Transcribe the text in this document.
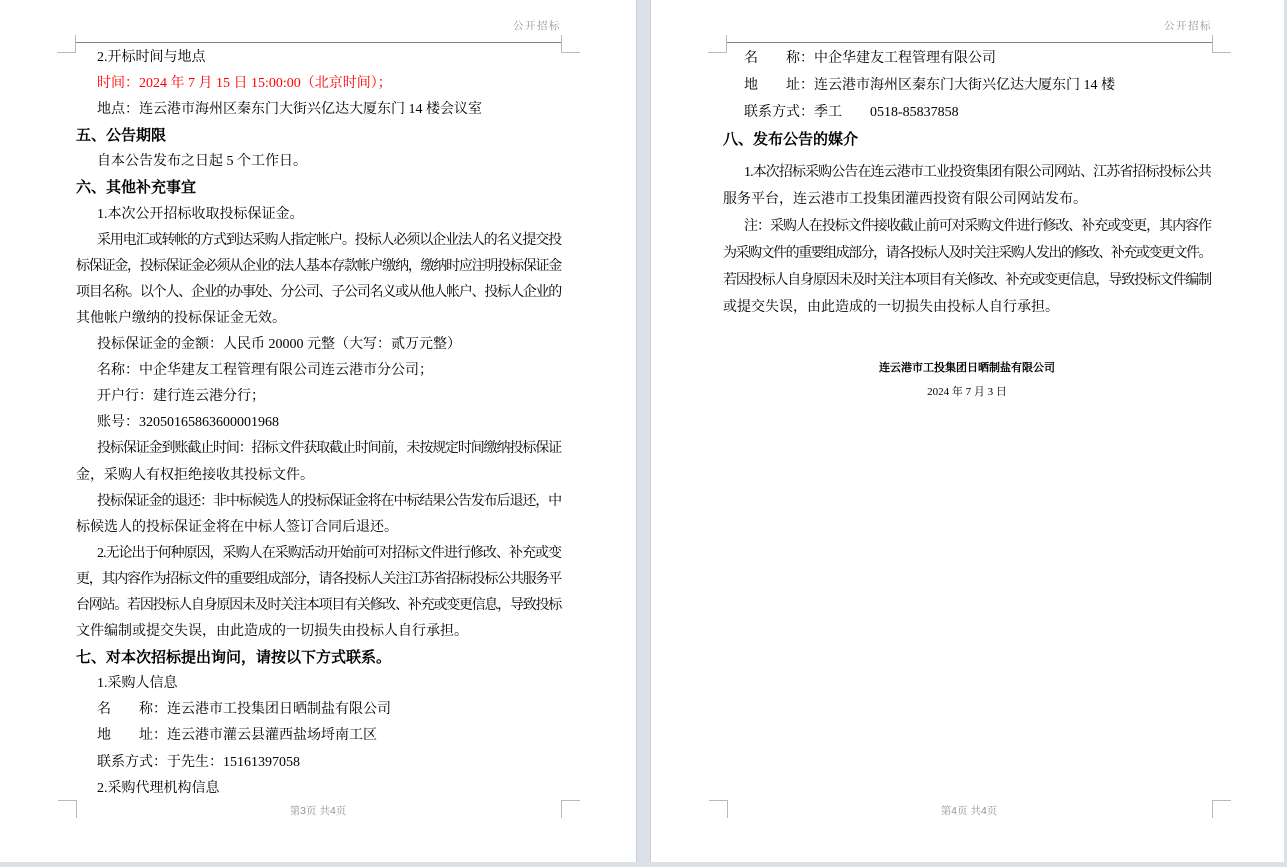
公开招标
2.开标时间与地点
时间：2024 年 7 月 15 日 15:00:00（北京时间）；
地点：连云港市海州区秦东门大街兴亿达大厦东门 14 楼会议室
五、公告期限
自本公告发布之日起 5 个工作日。
六、其他补充事宜
1.本次公开招标收取投标保证金。
采用电汇或转帐的方式到达采购人指定帐户。投标人必须以企业法人的名义提交投
标保证金，投标保证金必须从企业的法人基本存款帐户缴纳，缴纳时应注明投标保证金
项目名称。以个人、企业的办事处、分公司、子公司名义或从他人帐户、投标人企业的
其他帐户缴纳的投标保证金无效。
投标保证金的金额：人民币 20000 元整（大写：贰万元整）
名称：中企华建友工程管理有限公司连云港市分公司；
开户行：建行连云港分行；
账号：32050165863600001968
投标保证金到账截止时间：招标文件获取截止时间前，未按规定时间缴纳投标保证
金，采购人有权拒绝接收其投标文件。
投标保证金的退还：非中标候选人的投标保证金将在中标结果公告发布后退还，中
标候选人的投标保证金将在中标人签订合同后退还。
2.无论出于何种原因，采购人在采购活动开始前可对招标文件进行修改、补充或变
更，其内容作为招标文件的重要组成部分，请各投标人关注江苏省招标投标公共服务平
台网站。若因投标人自身原因未及时关注本项目有关修改、补充或变更信息，导致投标
文件编制或提交失误，由此造成的一切损失由投标人自行承担。
七、对本次招标提出询问，请按以下方式联系。
1.采购人信息
名　　称：连云港市工投集团日晒制盐有限公司
地　　址：连云港市灌云县灌西盐场埒南工区
联系方式：于先生：15161397058
2.采购代理机构信息
第3页 共4页
公开招标
名　　称：中企华建友工程管理有限公司
地　　址：连云港市海州区秦东门大街兴亿达大厦东门 14 楼
联系方式：季工　　0518-85837858
八、发布公告的媒介
1.本次招标采购公告在连云港市工业投资集团有限公司网站、江苏省招标投标公共
服务平台，连云港市工投集团灌西投资有限公司网站发布。
注：采购人在投标文件接收截止前可对采购文件进行修改、补充或变更，其内容作
为采购文件的重要组成部分，请各投标人及时关注采购人发出的修改、补充或变更文件。
若因投标人自身原因未及时关注本项目有关修改、补充或变更信息，导致投标文件编制
或提交失误，由此造成的一切损失由投标人自行承担。
连云港市工投集团日晒制盐有限公司
2024 年 7 月 3 日
第4页 共4页
